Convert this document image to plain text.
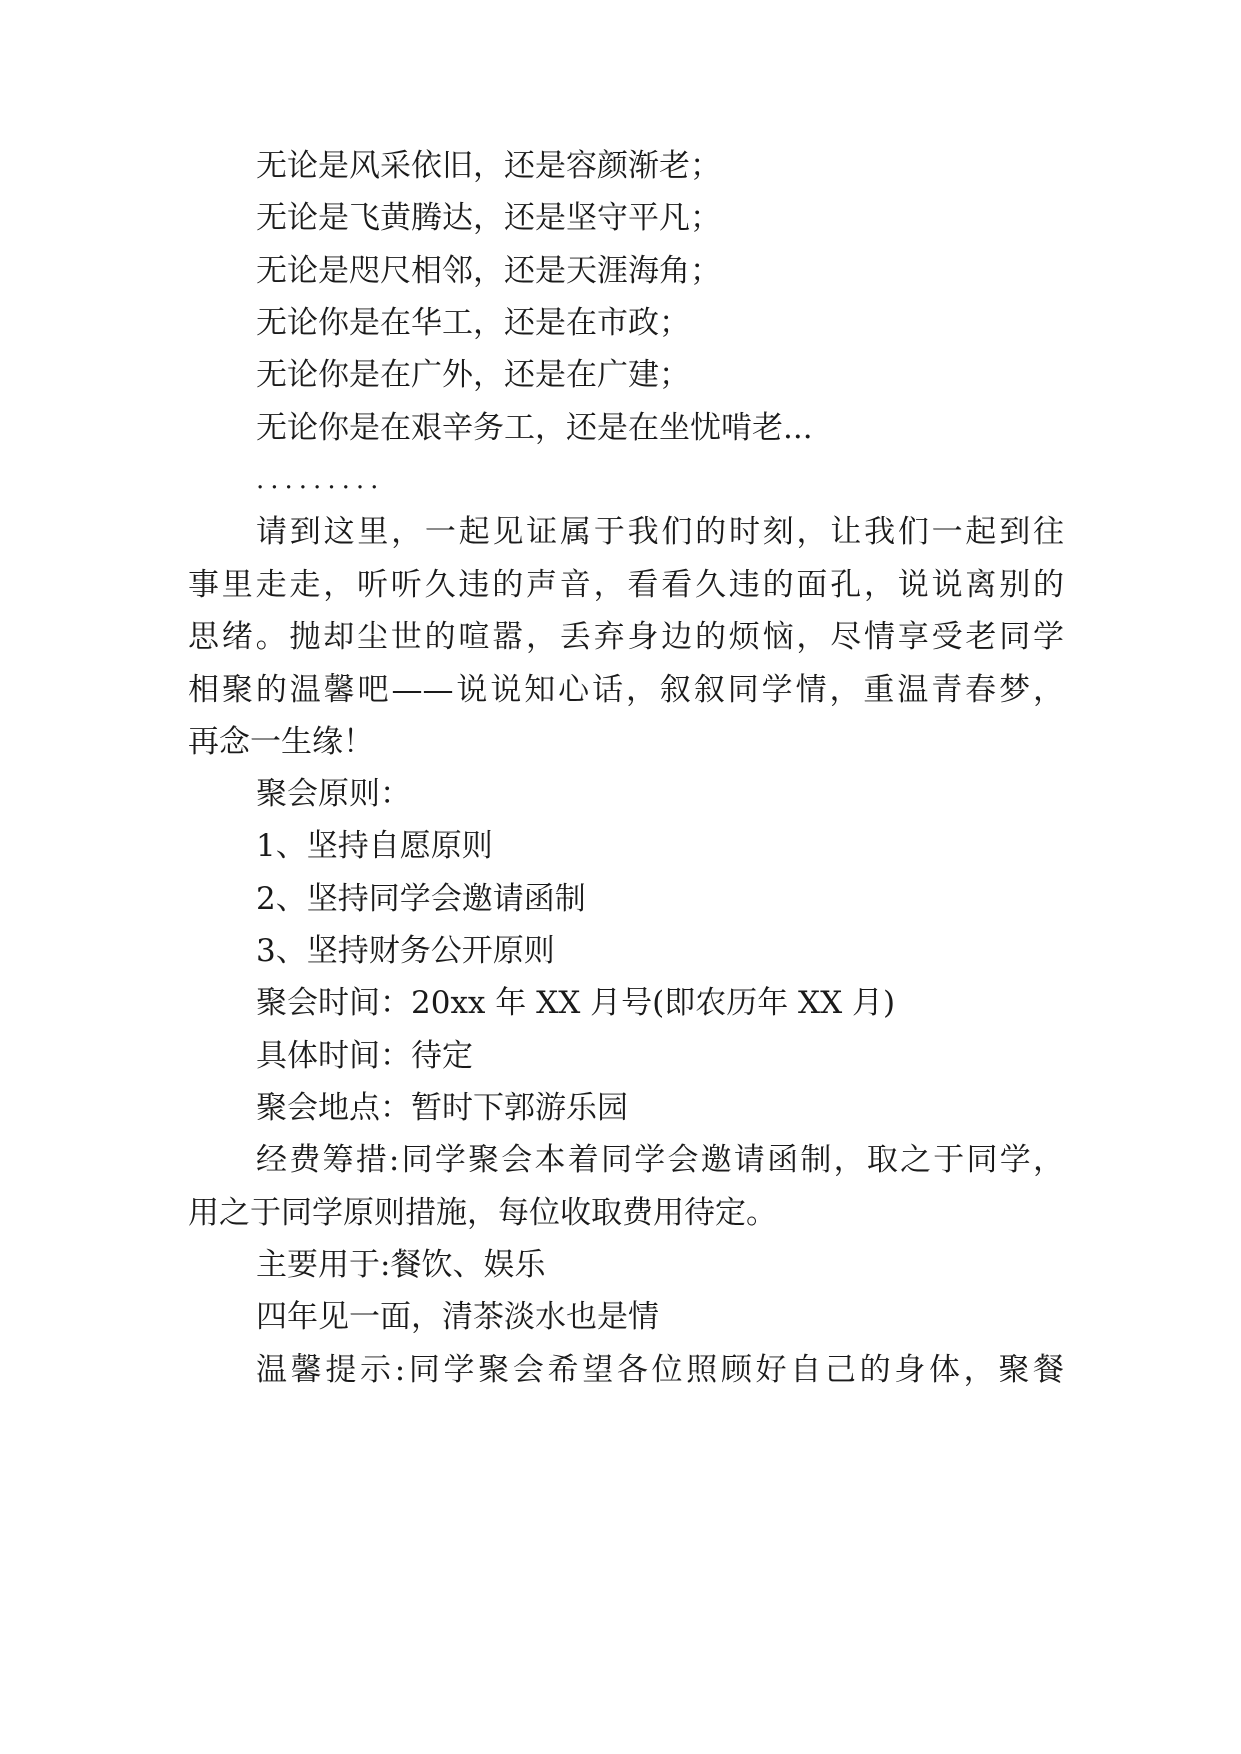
无论是风采依旧，还是容颜渐老；

无论是飞黄腾达，还是坚守平凡；

无论是咫尺相邻，还是天涯海角；

无论你是在华工，还是在市政；

无论你是在广外，还是在广建；

无论你是在艰辛务工，还是在坐忧啃老...

.........

请到这里，一起见证属于我们的时刻，让我们一起到往

事里走走，听听久违的声音，看看久违的面孔，说说离别的

思绪。抛却尘世的喧嚣，丢弃身边的烦恼，尽情享受老同学

相聚的温馨吧——说说知心话，叙叙同学情，重温青春梦，

再念一生缘！

聚会原则：

1、坚持自愿原则

2、坚持同学会邀请函制

3、坚持财务公开原则

聚会时间：20xx 年 XX 月号(即农历年 XX 月)

具体时间：待定

聚会地点：暂时下郭游乐园

经费筹措:同学聚会本着同学会邀请函制，取之于同学，

用之于同学原则措施，每位收取费用待定。

主要用于:餐饮、娱乐

四年见一面，清茶淡水也是情

温馨提示:同学聚会希望各位照顾好自己的身体，聚餐
